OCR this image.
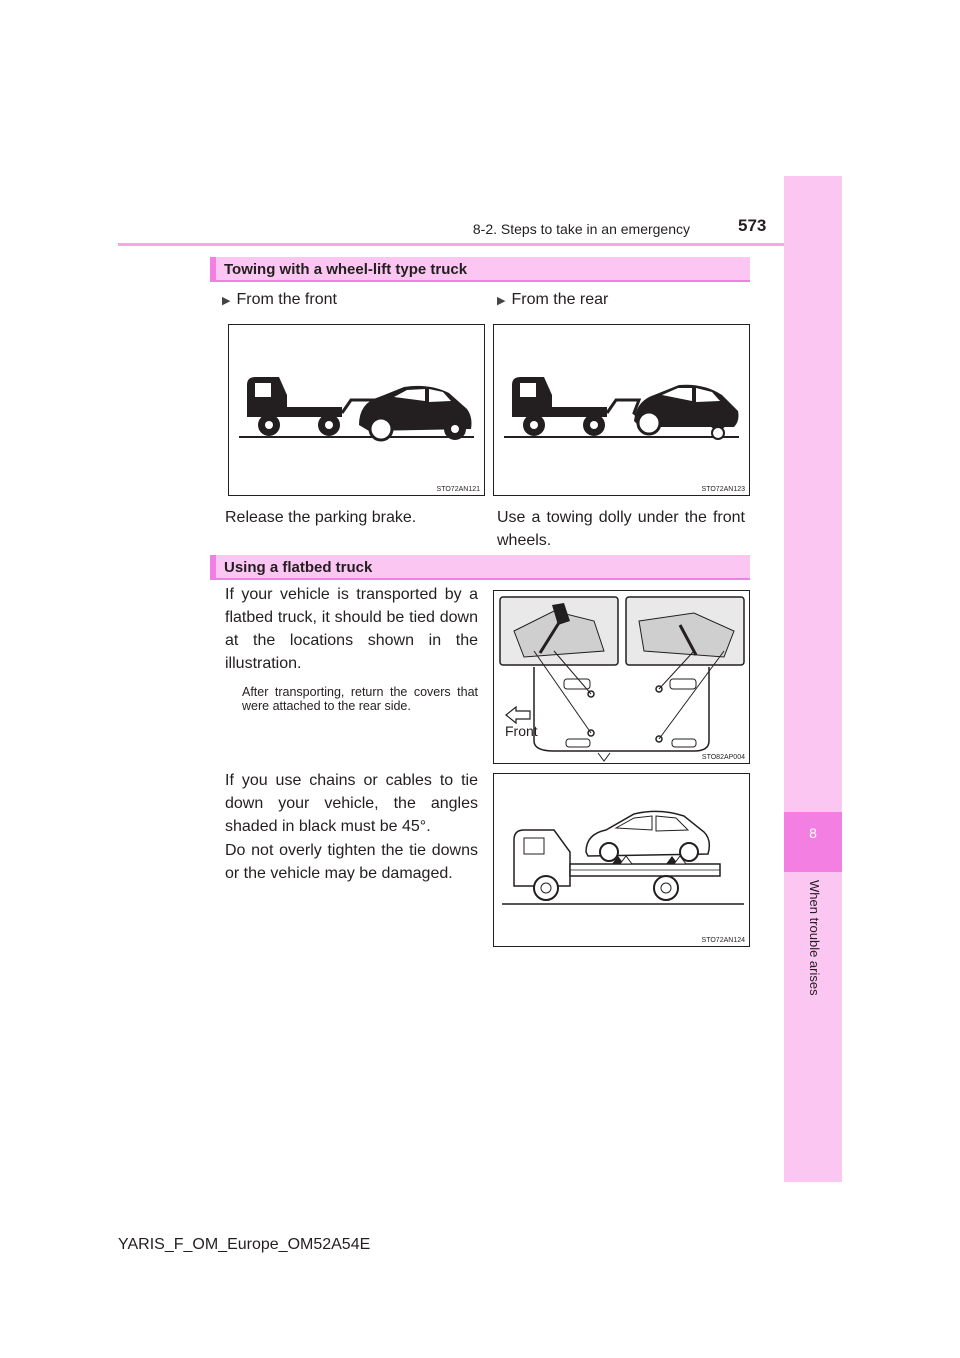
8-2. Steps to take in an emergency	573
8
When trouble arises
Towing with a wheel-lift type truck
▶ From the front	▶ From the rear
STO72AN121	STO72AN123
Release the parking brake.	Use a towing dolly under the front wheels.
Using a flatbed truck
If your vehicle is transported by a flatbed truck, it should be tied down at the locations shown in the illustration.
After transporting, return the covers that were attached to the rear side.
If you use chains or cables to tie down your vehicle, the angles shaded in black must be 45°.
Do not overly tighten the tie downs or the vehicle may be damaged.
Front
STO82AP004
STO72AN124
YARIS_F_OM_Europe_OM52A54E
